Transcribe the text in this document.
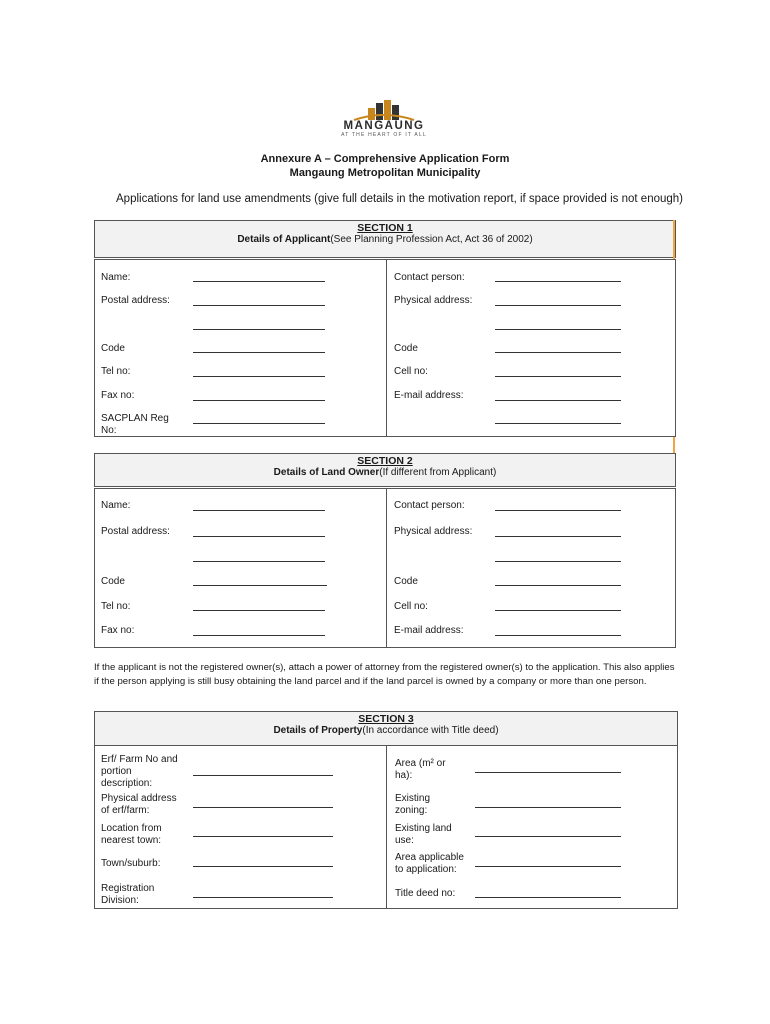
MANGAUNG
AT THE HEART OF IT ALL
Annexure A – Comprehensive Application Form
Mangaung Metropolitan Municipality
Applications for land use amendments (give full details in the motivation report, if space provided is not enough)
SECTION 1
Details of Applicant(See Planning Profession Act, Act 36 of 2002)
Name:
Postal address:
Code
Tel no:
Fax no:
SACPLAN Reg No:
Contact person:
Physical address:
Code
Cell no:
E-mail address:
SECTION 2
Details of Land Owner(If different from Applicant)
Name:
Postal address:
Code
Tel no:
Fax no:
Contact person:
Physical address:
Code
Cell no:
E-mail address:
If the applicant is not the registered owner(s), attach a power of attorney from the registered owner(s) to the application. This also applies
if the person applying is still busy obtaining the land parcel and if the land parcel is owned by a company or more than one person.
SECTION 3
Details of Property(In accordance with Title deed)
Erf/ Farm No and portion description:
Physical address of erf/farm:
Location from nearest town:
Town/suburb:
Registration Division:
Area (m² or ha):
Existing zoning:
Existing land use:
Area applicable to application:
Title deed no:
